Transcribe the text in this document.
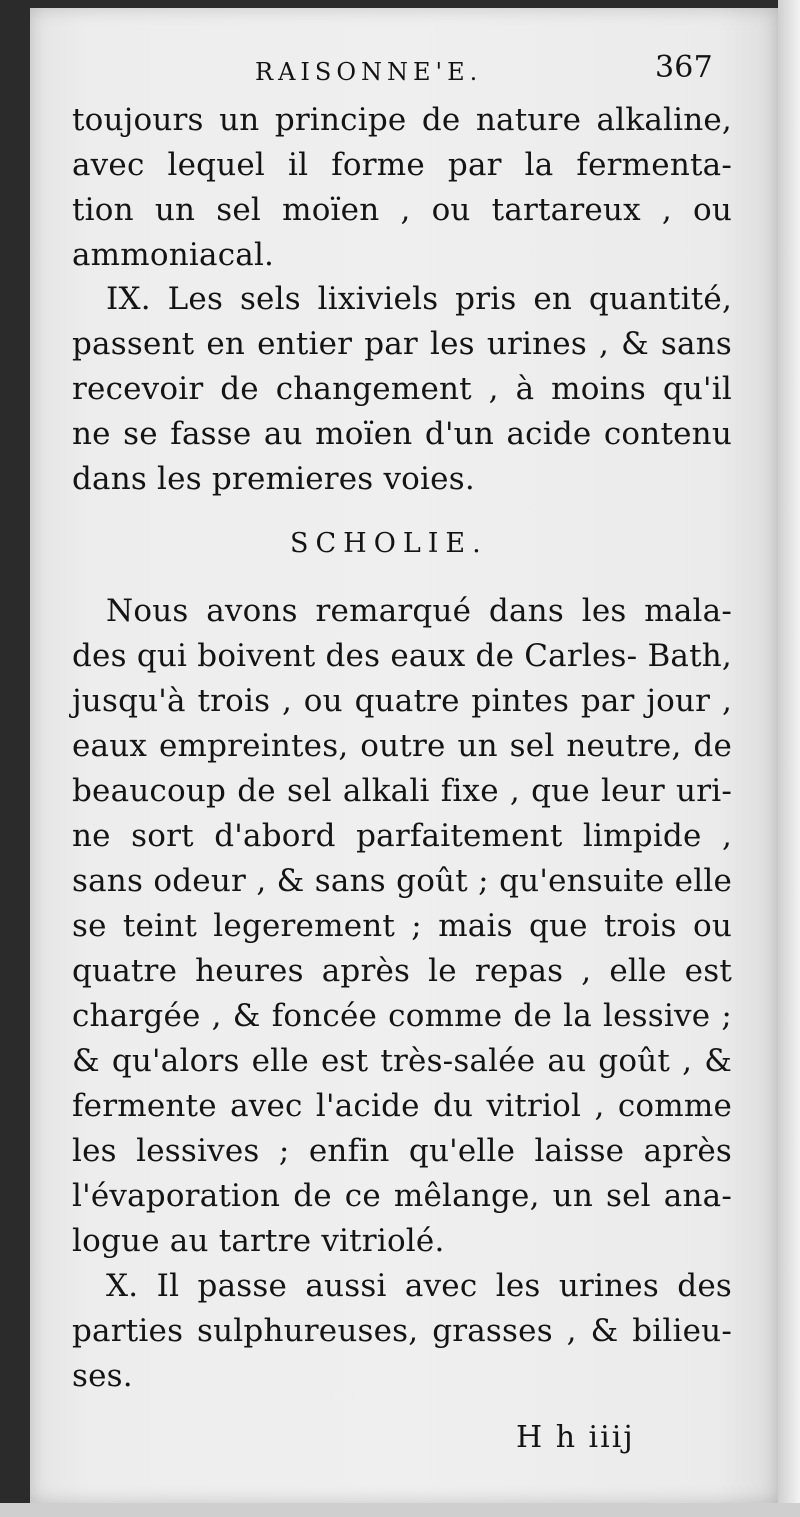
RAISONNE'E.	367
toujours un principe de nature alkaline,
avec lequel il forme par la fermenta-
tion un sel moïen , ou tartareux , ou
ammoniacal.
IX. Les sels lixiviels pris en quantité,
passent en entier par les urines , & sans
recevoir de changement , à moins qu'il
ne se fasse au moïen d'un acide contenu
dans les premieres voies.
SCHOLIE.
Nous avons remarqué dans les mala-
des qui boivent des eaux de Carles- Bath,
jusqu'à trois , ou quatre pintes par jour ,
eaux empreintes, outre un sel neutre, de
beaucoup de sel alkali fixe , que leur uri-
ne sort d'abord parfaitement limpide ,
sans odeur , & sans goût ; qu'ensuite elle
se teint legerement ; mais que trois ou
quatre heures après le repas , elle est
chargée , & foncée comme de la lessive ;
& qu'alors elle est très-salée au goût , &
fermente avec l'acide du vitriol , comme
les lessives ; enfin qu'elle laisse après
l'évaporation de ce mêlange, un sel ana-
logue au tartre vitriolé.
X. Il passe aussi avec les urines des
parties sulphureuses, grasses , & bilieu-
ses.
H h iiij
